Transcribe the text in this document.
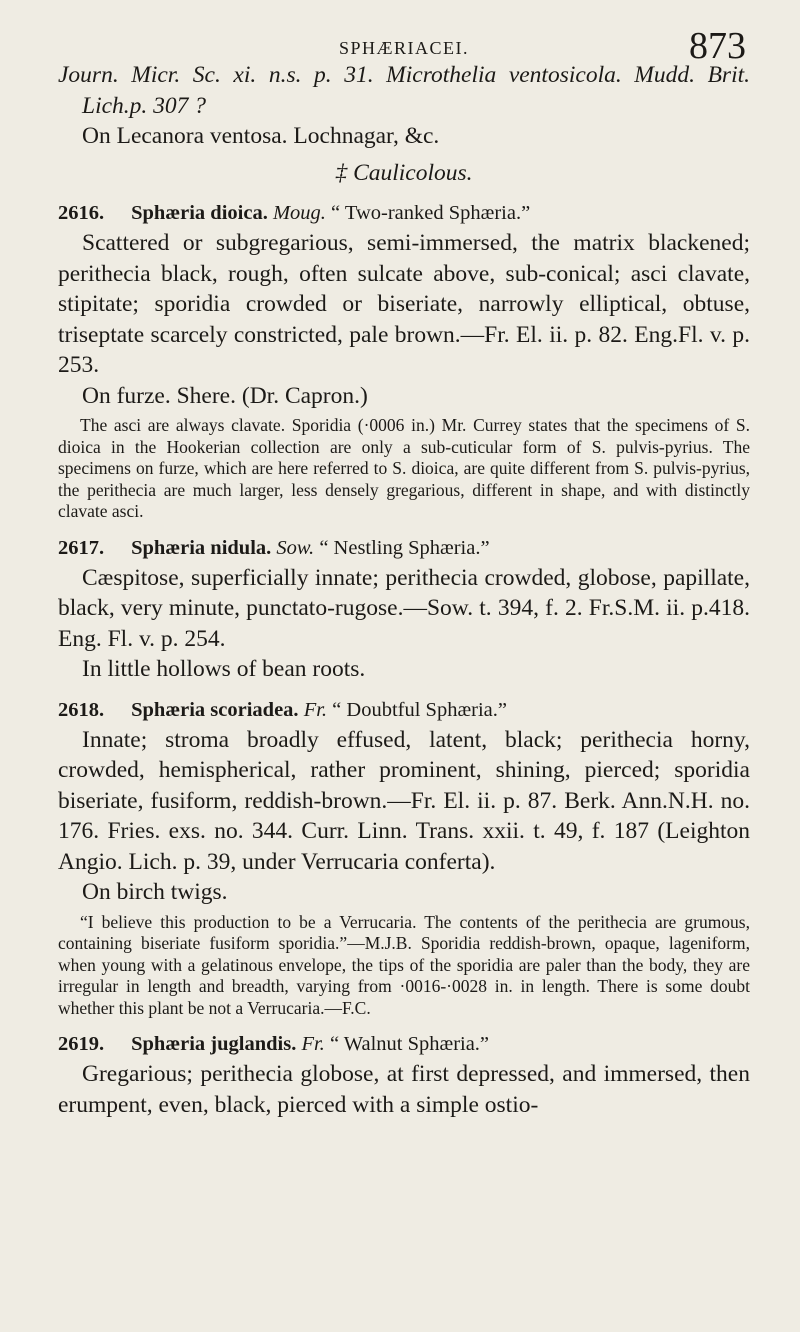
SPHÆRIACEI.	873

Journ. Micr. Sc. xi. n.s. p. 31. Microthelia ventosicola. Mudd. Brit. Lich.p. 307 ?

On Lecanora ventosa. Lochnagar, &c.

‡ Caulicolous.

2616. Sphæria dioica. Moug. “ Two-ranked Sphæria.”

Scattered or subgregarious, semi-immersed, the matrix blackened; perithecia black, rough, often sulcate above, sub-conical; asci clavate, stipitate; sporidia crowded or biseriate, narrowly elliptical, obtuse, triseptate scarcely constricted, pale brown.—Fr. El. ii. p. 82. Eng.Fl. v. p. 253.

On furze. Shere. (Dr. Capron.)

The asci are always clavate. Sporidia (·0006 in.) Mr. Currey states that the specimens of S. dioica in the Hookerian collection are only a sub-cuticular form of S. pulvis-pyrius. The specimens on furze, which are here referred to S. dioica, are quite different from S. pulvis-pyrius, the perithecia are much larger, less densely gregarious, different in shape, and with distinctly clavate asci.

2617. Sphæria nidula. Sow. “ Nestling Sphæria.”

Cæspitose, superficially innate; perithecia crowded, globose, papillate, black, very minute, punctato-rugose.—Sow. t. 394, f. 2. Fr.S.M. ii. p.418. Eng. Fl. v. p. 254.

In little hollows of bean roots.

2618. Sphæria scoriadea. Fr. “ Doubtful Sphæria.”

Innate; stroma broadly effused, latent, black; perithecia horny, crowded, hemispherical, rather prominent, shining, pierced; sporidia biseriate, fusiform, reddish-brown.—Fr. El. ii. p. 87. Berk. Ann.N.H. no. 176. Fries. exs. no. 344. Curr. Linn. Trans. xxii. t. 49, f. 187 (Leighton Angio. Lich. p. 39, under Verrucaria conferta).

On birch twigs.

“I believe this production to be a Verrucaria. The contents of the perithecia are grumous, containing biseriate fusiform sporidia.”—M.J.B. Sporidia reddish-brown, opaque, lageniform, when young with a gelatinous envelope, the tips of the sporidia are paler than the body, they are irregular in length and breadth, varying from ·0016-·0028 in. in length. There is some doubt whether this plant be not a Verrucaria.—F.C.

2619. Sphæria juglandis. Fr. “ Walnut Sphæria.”

Gregarious; perithecia globose, at first depressed, and immersed, then erumpent, even, black, pierced with a simple ostio-
